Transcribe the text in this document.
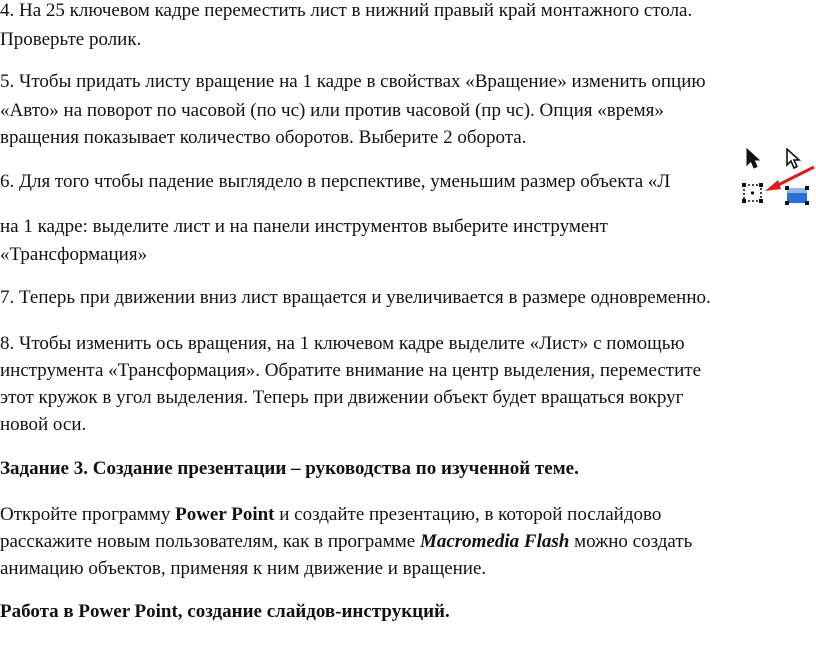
4. На 25 ключевом кадре переместить лист в нижний правый край монтажного стола.
Проверьте ролик.
5. Чтобы придать листу вращение на 1 кадре в свойствах «Вращение» изменить опцию
«Авто» на поворот по часовой (по чс) или против часовой (пр чс). Опция «время»
вращения показывает количество оборотов. Выберите 2 оборота.
6. Для того чтобы падение выглядело в перспективе, уменьшим размер объекта «Л
на 1 кадре: выделите лист и на панели инструментов выберите инструмент
«Трансформация»
7. Теперь при движении вниз лист вращается и увеличивается в размере одновременно.
8. Чтобы изменить ось вращения, на 1 ключевом кадре выделите «Лист» с помощью
инструмента «Трансформация». Обратите внимание на центр выделения, переместите
этот кружок в угол выделения. Теперь при движении объект будет вращаться вокруг
новой оси.
Задание 3. Создание презентации – руководства по изученной теме.
Откройте программу Power Point и создайте презентацию, в которой послайдово
расскажите новым пользователям, как в программе Macromedia Flash можно создать
анимацию объектов, применяя к ним движение и вращение.
Работа в Power Point, создание слайдов-инструкций.
